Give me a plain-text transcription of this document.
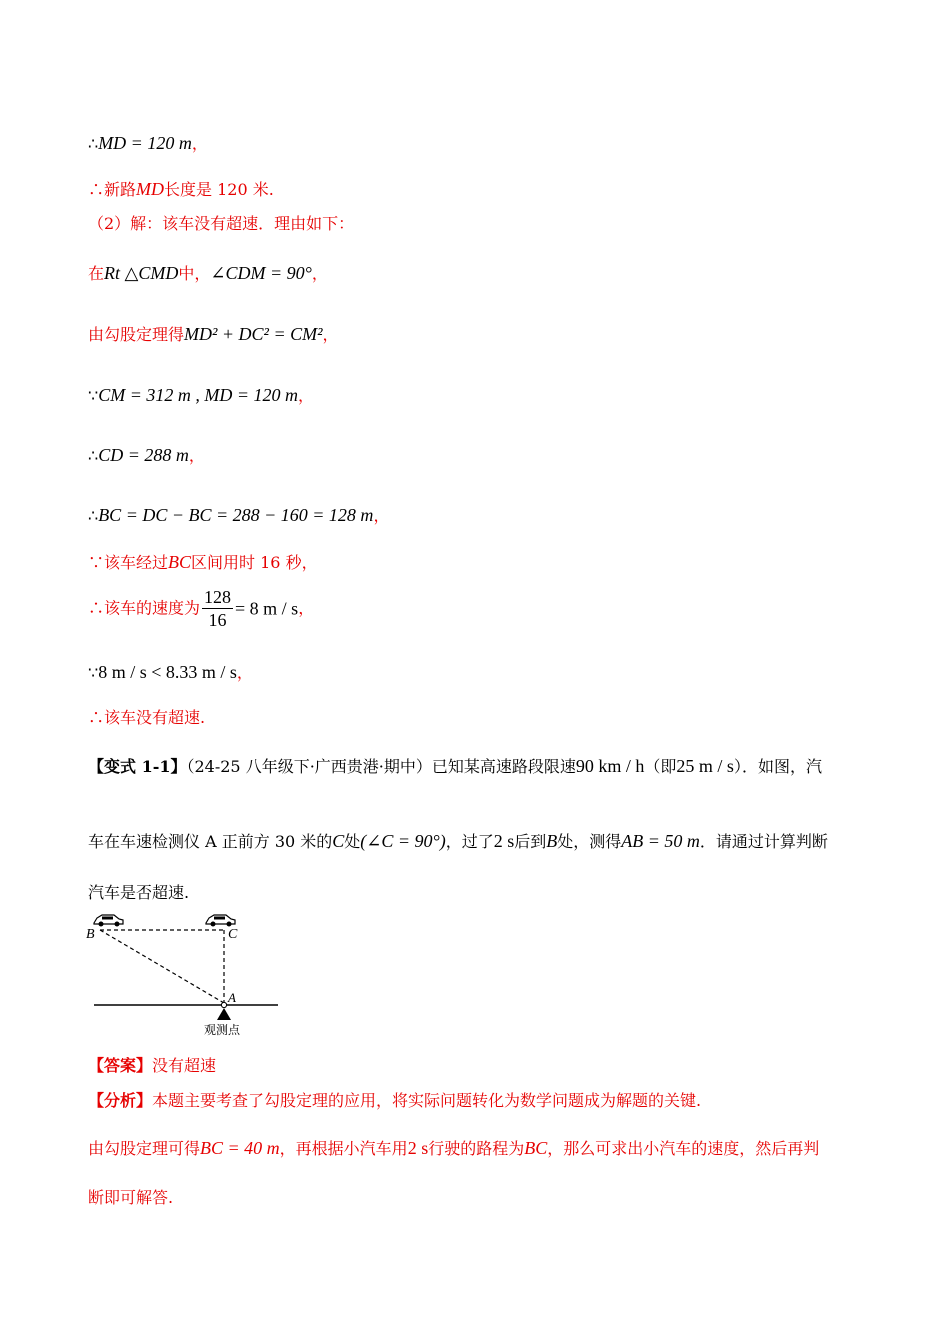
∴MD = 120 m，
∴新路MD长度是 120 米.
（2）解：该车没有超速．理由如下：
在Rt △CMD中，∠CDM = 90°，
由勾股定理得MD² + DC² = CM²，
∵CM = 312 m , MD = 120 m，
∴CD = 288 m，
∴BC = DC − BC = 288 − 160 = 128 m，
∵该车经过BC区间用时 16 秒，
∴该车的速度为 $\frac{128}{16} = 8$ m / s，
∵8 m / s < 8.33 m / s，
∴该车没有超速.
【变式 1-1】（24-25 八年级下·广西贵港·期中）已知某高速路段限速90 km / h（即25 m / s）．如图，汽
车在车速检测仪 A 正前方 30 米的C处(∠C = 90°)，过了2 s后到B处，测得AB = 50 m．请通过计算判断
汽车是否超速.
B	C
A
观测点
【答案】没有超速
【分析】本题主要考查了勾股定理的应用，将实际问题转化为数学问题成为解题的关键.
由勾股定理可得BC = 40 m，再根据小汽车用2 s行驶的路程为BC，那么可求出小汽车的速度，然后再判
断即可解答.
